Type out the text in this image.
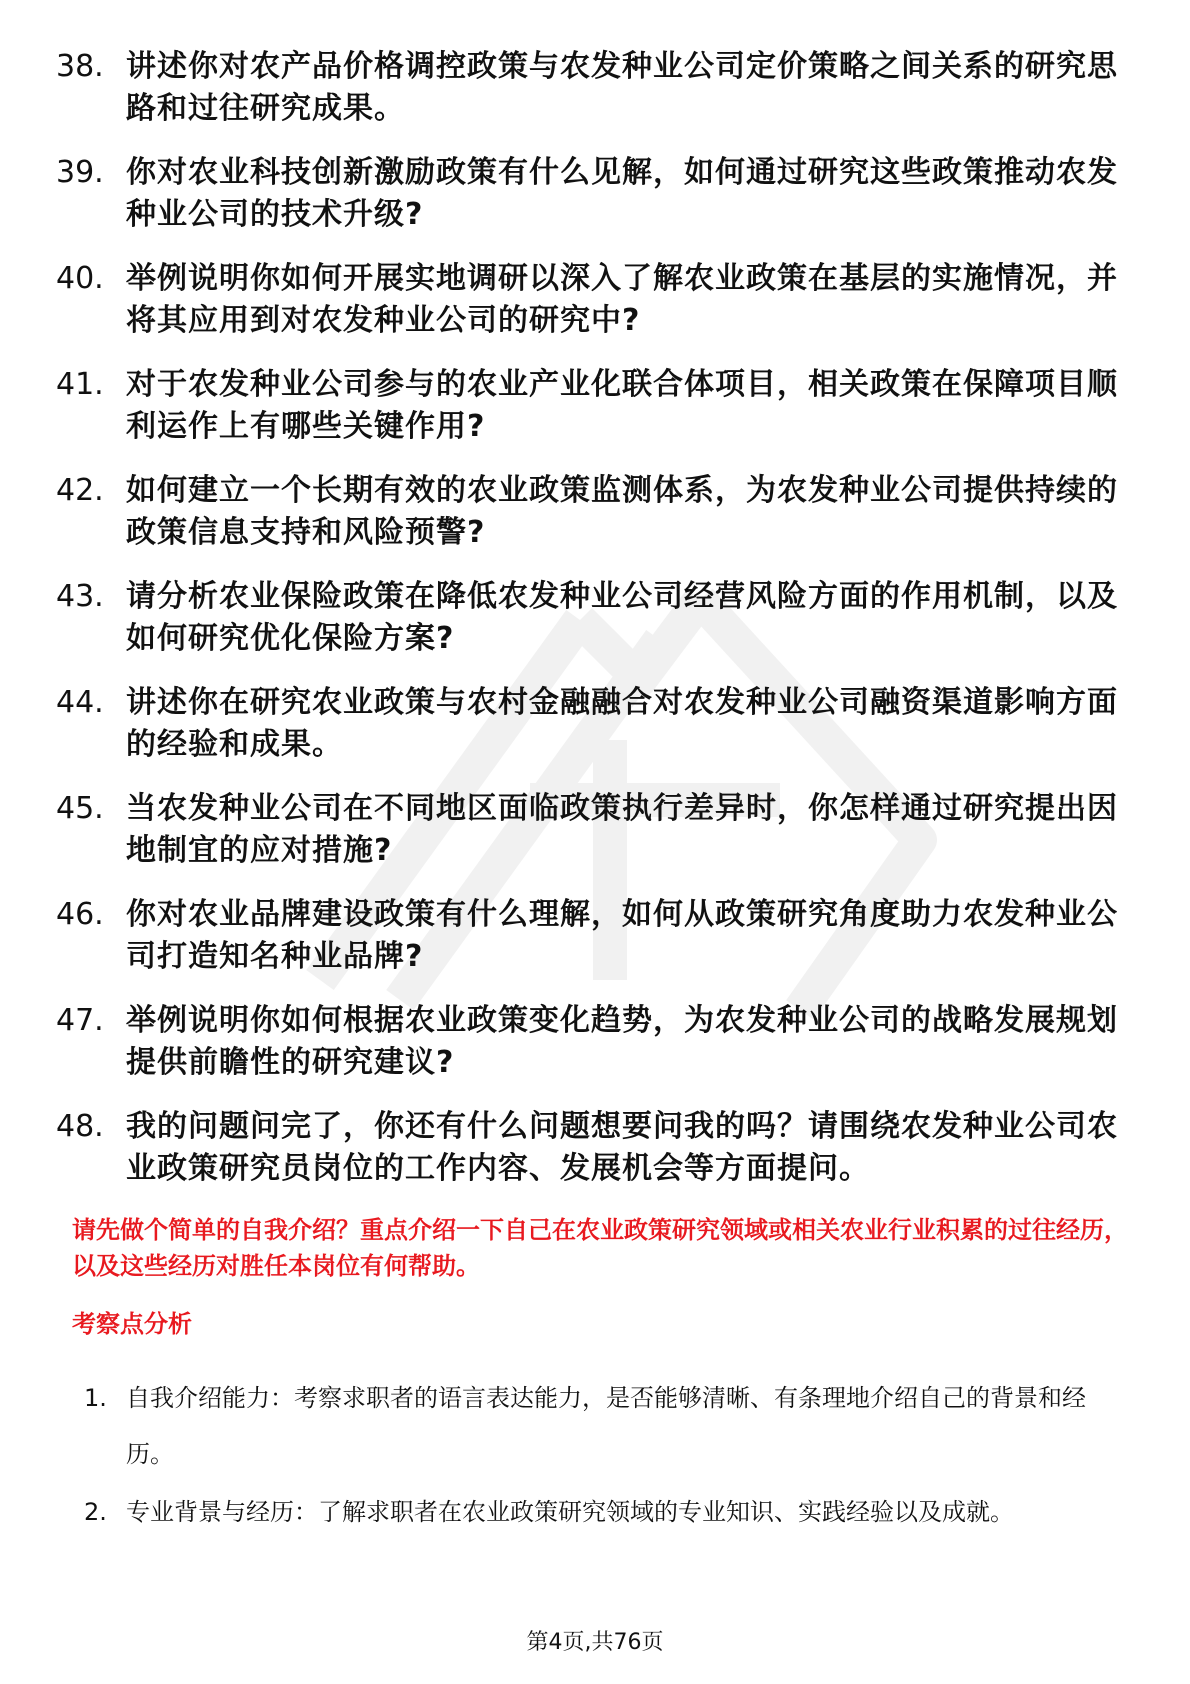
38. 讲述你对农产品价格调控政策与农发种业公司定价策略之间关系的研究思路和过往研究成果。
39. 你对农业科技创新激励政策有什么见解，如何通过研究这些政策推动农发种业公司的技术升级?
40. 举例说明你如何开展实地调研以深入了解农业政策在基层的实施情况，并将其应用到对农发种业公司的研究中?
41. 对于农发种业公司参与的农业产业化联合体项目，相关政策在保障项目顺利运作上有哪些关键作用?
42. 如何建立一个长期有效的农业政策监测体系，为农发种业公司提供持续的政策信息支持和风险预警?
43. 请分析农业保险政策在降低农发种业公司经营风险方面的作用机制，以及如何研究优化保险方案?
44. 讲述你在研究农业政策与农村金融融合对农发种业公司融资渠道影响方面的经验和成果。
45. 当农发种业公司在不同地区面临政策执行差异时，你怎样通过研究提出因地制宜的应对措施?
46. 你对农业品牌建设政策有什么理解，如何从政策研究角度助力农发种业公司打造知名种业品牌?
47. 举例说明你如何根据农业政策变化趋势，为农发种业公司的战略发展规划提供前瞻性的研究建议?
48. 我的问题问完了，你还有什么问题想要问我的吗？请围绕农发种业公司农业政策研究员岗位的工作内容、发展机会等方面提问。
请先做个简单的自我介绍？重点介绍一下自己在农业政策研究领域或相关农业行业积累的过往经历，以及这些经历对胜任本岗位有何帮助。
考察点分析
1. 自我介绍能力：考察求职者的语言表达能力，是否能够清晰、有条理地介绍自己的背景和经历。
2. 专业背景与经历：了解求职者在农业政策研究领域的专业知识、实践经验以及成就。
第4页,共76页
